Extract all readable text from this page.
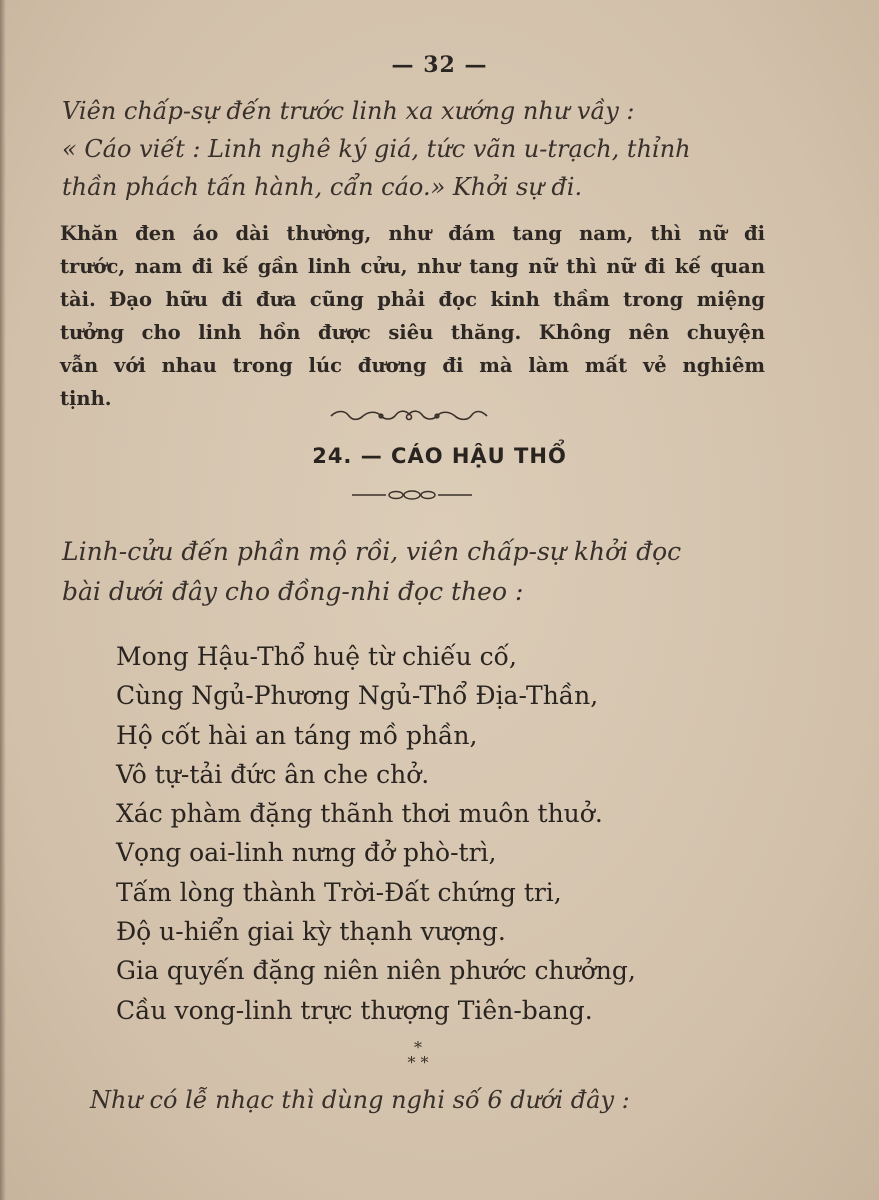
— 32 —

Viên chấp-sự đến trước linh xa xướng như vầy :

« Cáo viết : Linh nghê ký giá, tức vãn u-trạch, thỉnh

thần phách tấn hành, cẩn cáo.» Khởi sự đi.

Khăn đen áo dài thường, như đám tang nam, thì nữ đi

trước, nam đi kế gần linh cửu, như tang nữ thì nữ đi kế quan

tài. Đạo hữu đi đưa cũng phải đọc kinh thầm trong miệng

tưởng cho linh hồn được siêu thăng. Không nên chuyện

vẫn với nhau trong lúc đương đi mà làm mất vẻ nghiêm

tịnh.

24. — CÁO HẬU THỔ

Linh-cửu đến phần mộ rồi, viên chấp-sự khởi đọc

bài dưới đây cho đồng-nhi đọc theo :

Mong Hậu-Thổ huệ từ chiếu cố,

Cùng Ngủ-Phương Ngủ-Thổ Địa-Thần,

Hộ cốt hài an táng mồ phần,

Vô tự-tải đức ân che chở.

Xác phàm đặng thãnh thơi muôn thuở.

Vọng oai-linh nưng đở phò-trì,

Tấm lòng thành Trời-Đất chứng tri,

Độ u-hiển giai kỳ thạnh vượng.

Gia quyến đặng niên niên phước chưởng,

Cầu vong-linh trực thượng Tiên-bang.

*
* *

Như có lễ nhạc thì dùng nghi số 6 dưới đây :
